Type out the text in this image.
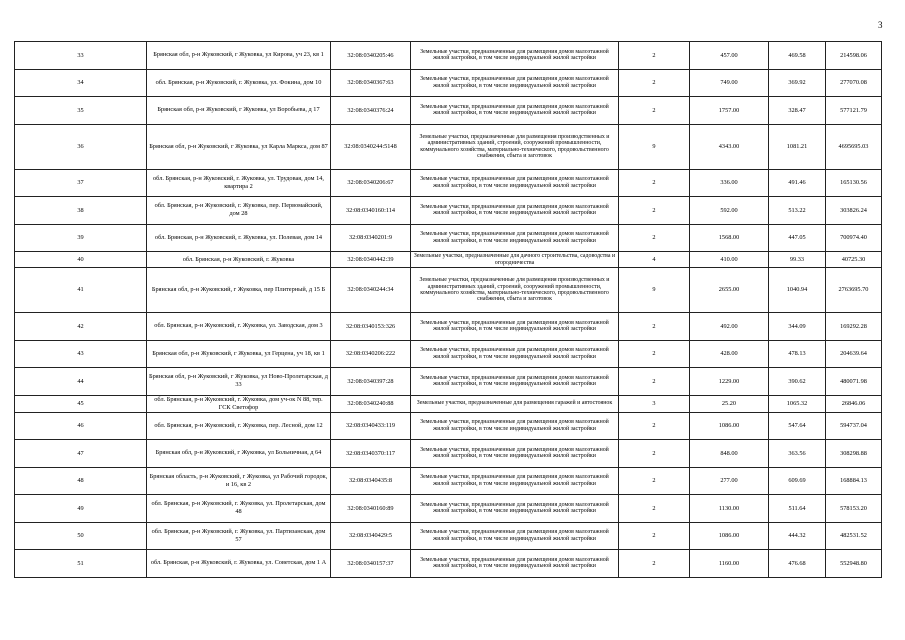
3
33	Брянская обл, р-н Жуковский, г Жуковка, ул Кирова, уч 23, кв 1	32:08:0340205:46	Земельные участки, предназначенные для размещения домов малоэтажной жилой застройки, в том числе индивидуальной жилой застройки	2	457.00	469.58	214598.06
34	обл. Брянская, р-н Жуковский, г. Жуковка, ул. Фокина, дом 10	32:08:0340367:63	Земельные участки, предназначенные для размещения домов малоэтажной жилой застройки, в том числе индивидуальной жилой застройки	2	749.00	369.92	277070.08
35	Брянская обл, р-н Жуковский, г Жуковка, ул Воробьева, д 17	32:08:0340376:24	Земельные участки, предназначенные для размещения домов малоэтажной жилой застройки, в том числе индивидуальной жилой застройки	2	1757.00	328.47	577121.79
36	Брянская обл, р-н Жуковский, г Жуковка, ул Карла Маркса, дом 87	32:08:0340244:5148	Земельные участки, предназначенные для размещения производственных и административных зданий, строений, сооружений промышленности, коммунального хозяйства, материально-технического, продовольственного снабжения, сбыта и заготовок	9	4343.00	1081.21	4695695.03
37	обл. Брянская, р-н Жуковский, г. Жуковка, ул. Трудовая, дом 14, квартира 2	32:08:0340206:67	Земельные участки, предназначенные для размещения домов малоэтажной жилой застройки, в том числе индивидуальной жилой застройки	2	336.00	491.46	165130.56
38	обл. Брянская, р-н Жуковский, г. Жуковка, пер. Первомайский, дом 28	32:08:0340160:114	Земельные участки, предназначенные для размещения домов малоэтажной жилой застройки, в том числе индивидуальной жилой застройки	2	592.00	513.22	303826.24
39	обл. Брянская, р-н Жуковский, г. Жуковка, ул. Полевая, дом 14	32:08:0340201:9	Земельные участки, предназначенные для размещения домов малоэтажной жилой застройки, в том числе индивидуальной жилой застройки	2	1568.00	447.05	700974.40
40	обл. Брянская, р-н Жуковский, г. Жуковка	32:08:0340442:39	Земельные участки, предназначенные для дачного строительства, садоводства и огородничества	4	410.00	99.33	40725.30
41	Брянская обл, р-н Жуковский, г Жуковка, пер Плитерный, д 15 Б	32:08:0340244:34	Земельные участки, предназначенные для размещения производственных и административных зданий, строений, сооружений промышленности, коммунального хозяйства, материально-технического, продовольственного снабжения, сбыта и заготовок	9	2655.00	1040.94	2763695.70
42	обл. Брянская, р-н Жуковский, г. Жуковка, ул. Заводская, дом 3	32:08:0340153:326	Земельные участки, предназначенные для размещения домов малоэтажной жилой застройки, в том числе индивидуальной жилой застройки	2	492.00	344.09	169292.28
43	Брянская обл, р-н Жуковский, г Жуковка, ул Герцена, уч 18, кв 1	32:08:0340206:222	Земельные участки, предназначенные для размещения домов малоэтажной жилой застройки, в том числе индивидуальной жилой застройки	2	428.00	478.13	204639.64
44	Брянская обл, р-н Жуковский, г Жуковка, ул Ново-Пролетарская, д 33	32:08:0340397:28	Земельные участки, предназначенные для размещения домов малоэтажной жилой застройки, в том числе индивидуальной жилой застройки	2	1229.00	390.62	480071.98
45	обл. Брянская, р-н Жуковский, г. Жуковка, дом уч-ок N 88, тер. ГСК Светофор	32:08:0340240:88	Земельные участки, предназначенные для размещения гаражей и автостоянок	3	25.20	1065.32	26846.06
46	обл. Брянская, р-н Жуковский, г. Жуковка, пер. Лесной, дом 12	32:08:0340433:119	Земельные участки, предназначенные для размещения домов малоэтажной жилой застройки, в том числе индивидуальной жилой застройки	2	1086.00	547.64	594737.04
47	Брянская обл, р-н Жуковский, г Жуковка, ул Больничная, д 64	32:08:0340370:117	Земельные участки, предназначенные для размещения домов малоэтажной жилой застройки, в том числе индивидуальной жилой застройки	2	848.00	363.56	308298.88
48	Брянская область, р-н Жуковский, г Жуковка, ул Рабочий городок, и 16, кв 2	32:08:0340435:8	Земельные участки, предназначенные для размещения домов малоэтажной жилой застройки, в том числе индивидуальной жилой застройки	2	277.00	609.69	168884.13
49	обл. Брянская, р-н Жуковский, г. Жуковка, ул. Пролетарская, дом 48	32:08:0340160:89	Земельные участки, предназначенные для размещения домов малоэтажной жилой застройки, в том числе индивидуальной жилой застройки	2	1130.00	511.64	578153.20
50	обл. Брянская, р-н Жуковский, г. Жуковка, ул. Партизанская, дом 57	32:08:0340429:5	Земельные участки, предназначенные для размещения домов малоэтажной жилой застройки, в том числе индивидуальной жилой застройки	2	1086.00	444.32	482531.52
51	обл. Брянская, р-н Жуковский, г. Жуковка, ул. Советская, дом 1 А	32:08:0340157:37	Земельные участки, предназначенные для размещения домов малоэтажной жилой застройки, в том числе индивидуальной жилой застройки	2	1160.00	476.68	552948.80
